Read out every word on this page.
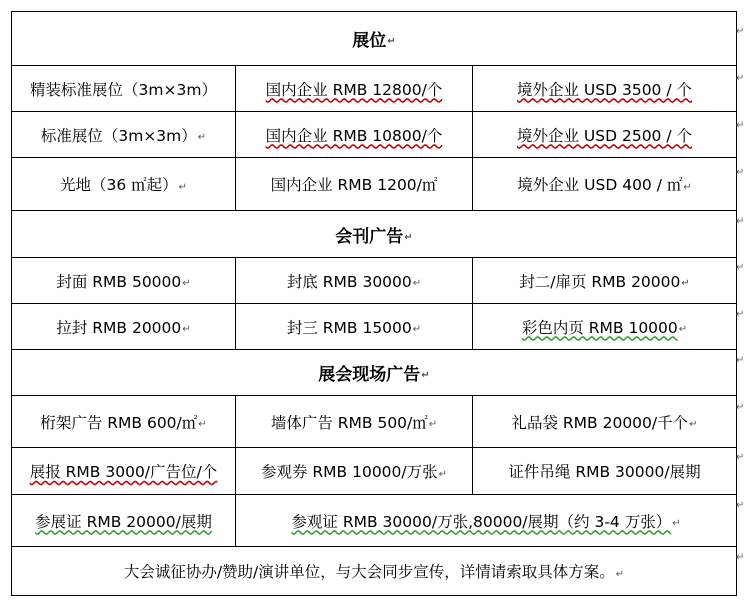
展位 ↵
精装标准展位（3m×3m）	国内企业 RMB 12800/个	境外企业 USD 3500 / 个
标准展位（3m×3m） ↵	国内企业 RMB 10800/个	境外企业 USD 2500 / 个
光地（36 ㎡起） ↵	国内企业 RMB 1200/㎡	境外企业 USD 400 / ㎡ ↵
会刊广告 ↵
封面 RMB 50000 ↵	封底 RMB 30000 ↵	封二/扉页 RMB 20000 ↵
拉封 RMB 20000 ↵	封三 RMB 15000 ↵	彩色内页 RMB 10000 ↵
展会现场广告 ↵
桁架广告 RMB 600/㎡ ↵	墙体广告 RMB 500/㎡ ↵	礼品袋 RMB 20000/千个 ↵
展报 RMB 3000/广告位/个	参观券 RMB 10000/万张 ↵	证件吊绳 RMB 30000/展期
参展证 RMB 20000/展期	参观证 RMB 30000/万张,80000/展期（约 3-4 万张） ↵
大会诚征协办/赞助/演讲单位，与大会同步宣传，详情请索取具体方案。 ↵
↵
↵
↵
↵
↵
↵
↵
↵
↵
↵
↵
↵
